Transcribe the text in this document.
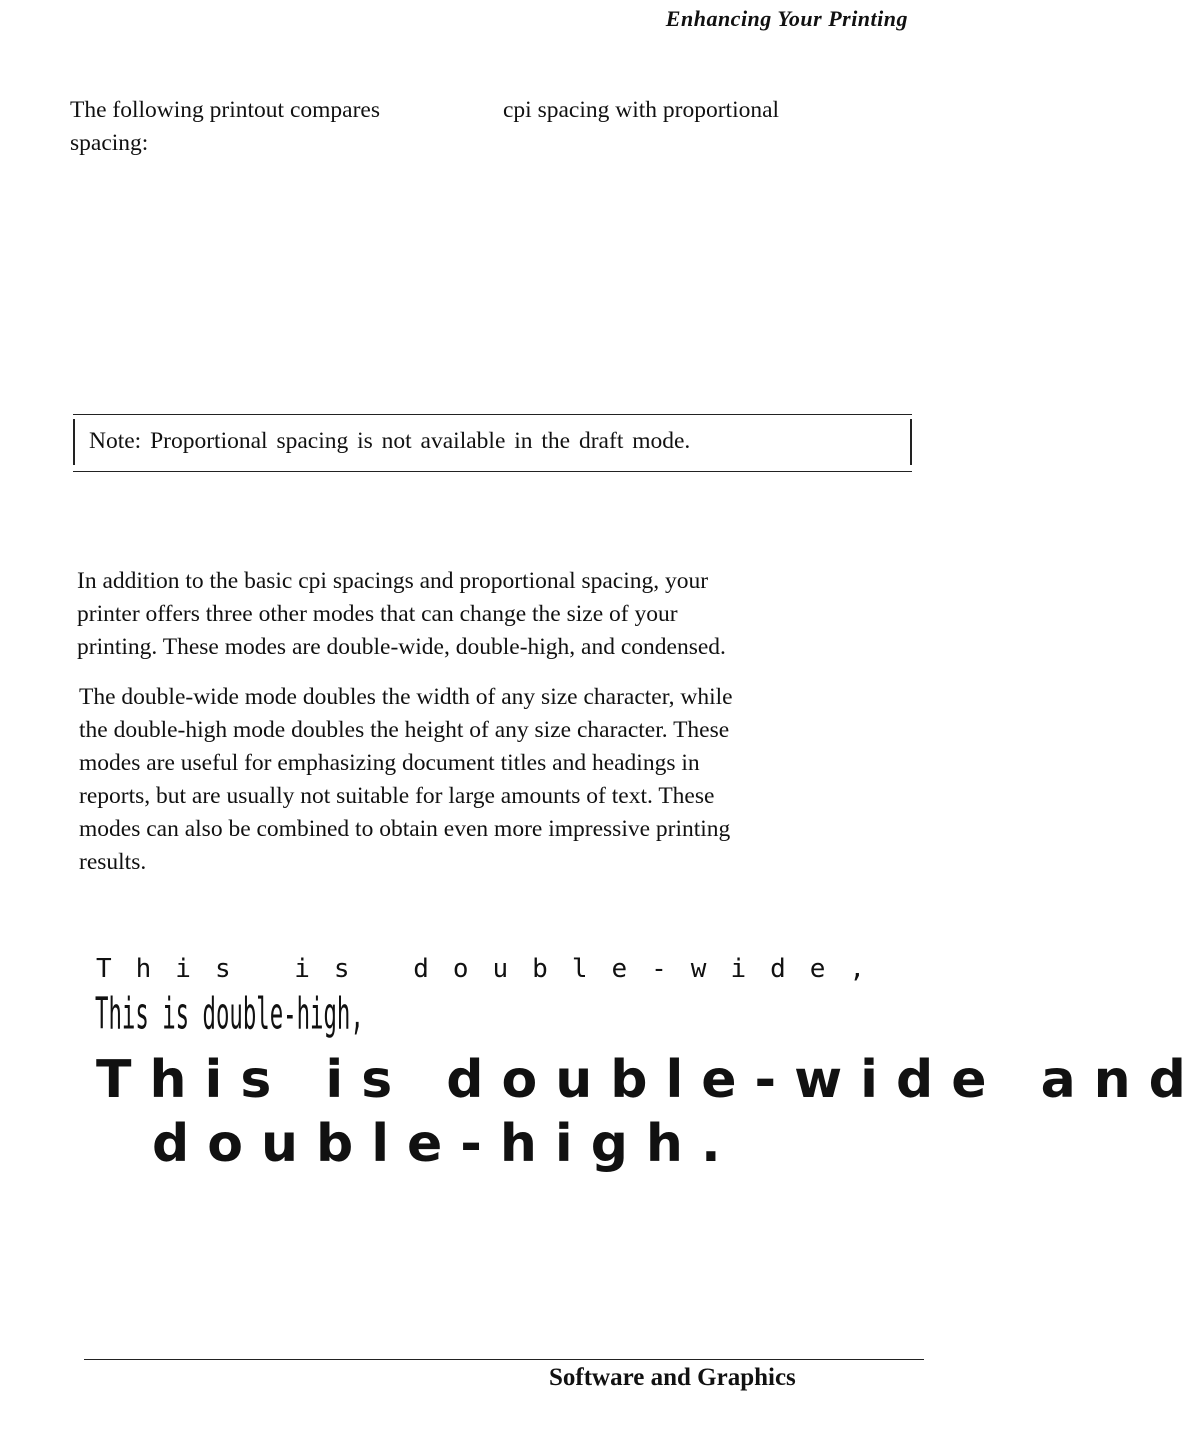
Enhancing Your Printing

The following printout compares	cpi spacing with proportional

spacing:

Note: Proportional spacing is not available in the draft mode.
In addition to the basic cpi spacings and proportional spacing, your
printer offers three other modes that can change the size of your
printing. These modes are double-wide, double-high, and condensed.
The double-wide mode doubles the width of any size character, while
the double-high mode doubles the height of any size character. These
modes are useful for emphasizing document titles and headings in
reports, but are usually not suitable for large amounts of text. These
modes can also be combined to obtain even more impressive printing
results.
This is double-wide,
This is double-high,
This is double-wide and
double-high.
Software and Graphics
